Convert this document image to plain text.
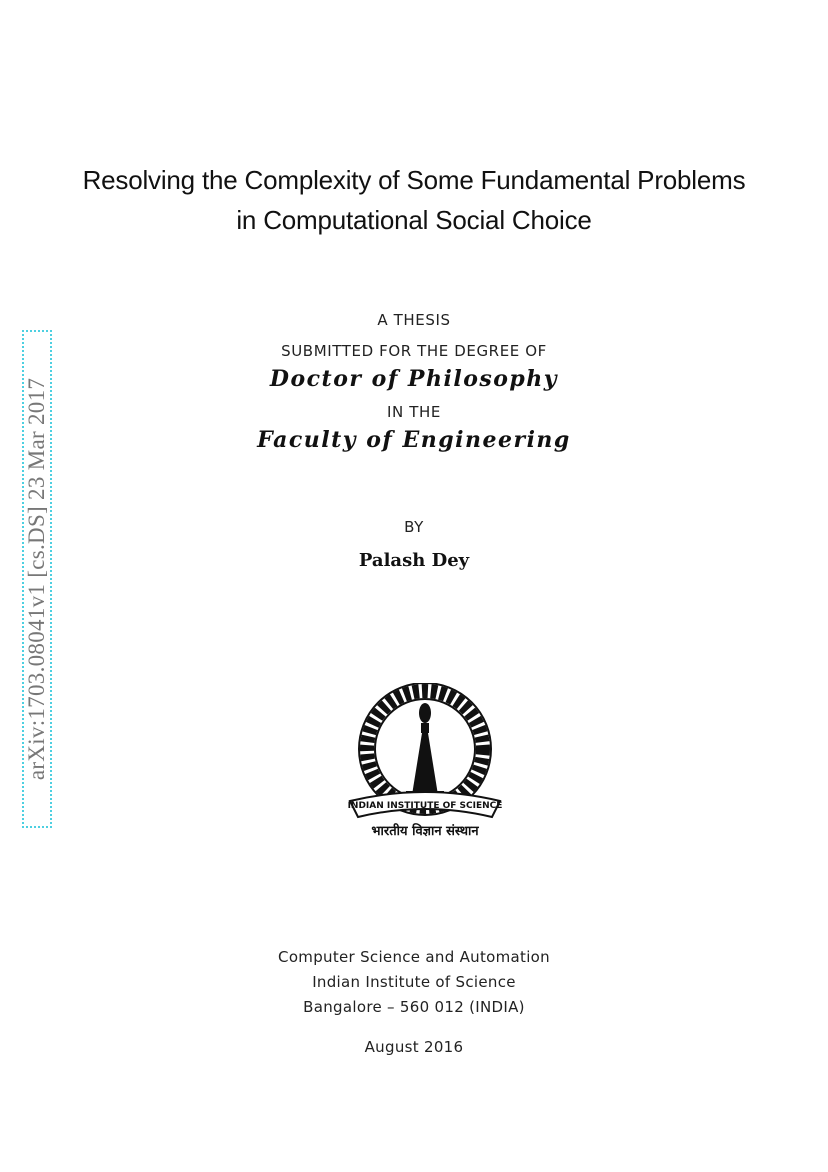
arXiv:1703.08041v1 [cs.DS] 23 Mar 2017
Resolving the Complexity of Some Fundamental Problems
in Computational Social Choice
A THESIS
SUBMITTED FOR THE DEGREE OF
Doctor of Philosophy
IN THE
Faculty of Engineering
BY
Palash Dey
INDIAN INSTITUTE OF SCIENCE
भारतीय विज्ञान संस्थान
Computer Science and Automation
Indian Institute of Science
Bangalore – 560 012 (INDIA)
August 2016
